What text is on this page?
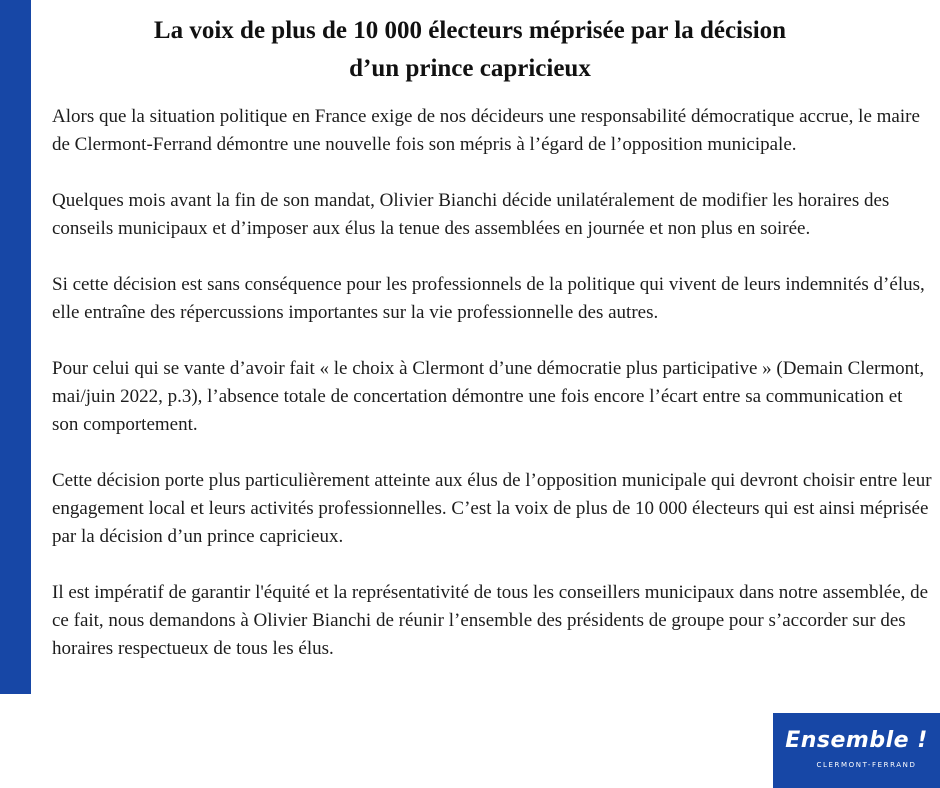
La voix de plus de 10 000 électeurs méprisée par la décision
d’un prince capricieux

Alors que la situation politique en France exige de nos décideurs une responsabilité démocratique accrue, le maire de Clermont-Ferrand démontre une nouvelle fois son mépris à l’égard de l’opposition municipale.

Quelques mois avant la fin de son mandat, Olivier Bianchi décide unilatéralement de modifier les horaires des conseils municipaux et d’imposer aux élus la tenue des assemblées en journée et non plus en soirée.

Si cette décision est sans conséquence pour les professionnels de la politique qui vivent de leurs indemnités d’élus, elle entraîne des répercussions importantes sur la vie professionnelle des autres.

Pour celui qui se vante d’avoir fait « le choix à Clermont d’une démocratie plus participative » (Demain Clermont, mai/juin 2022, p.3), l’absence totale de concertation démontre une fois encore l’écart entre sa communication et son comportement.

Cette décision porte plus particulièrement atteinte aux élus de l’opposition municipale qui devront choisir entre leur engagement local et leurs activités professionnelles. C’est la voix de plus de 10 000 électeurs qui est ainsi méprisée par la décision d’un prince capricieux.

Il est impératif de garantir l'équité et la représentativité de tous les conseillers municipaux dans notre assemblée, de ce fait, nous demandons à Olivier Bianchi de réunir l’ensemble des présidents de groupe pour s’accorder sur des horaires respectueux de tous les élus.

Ensemble !
CLERMONT-FERRAND
